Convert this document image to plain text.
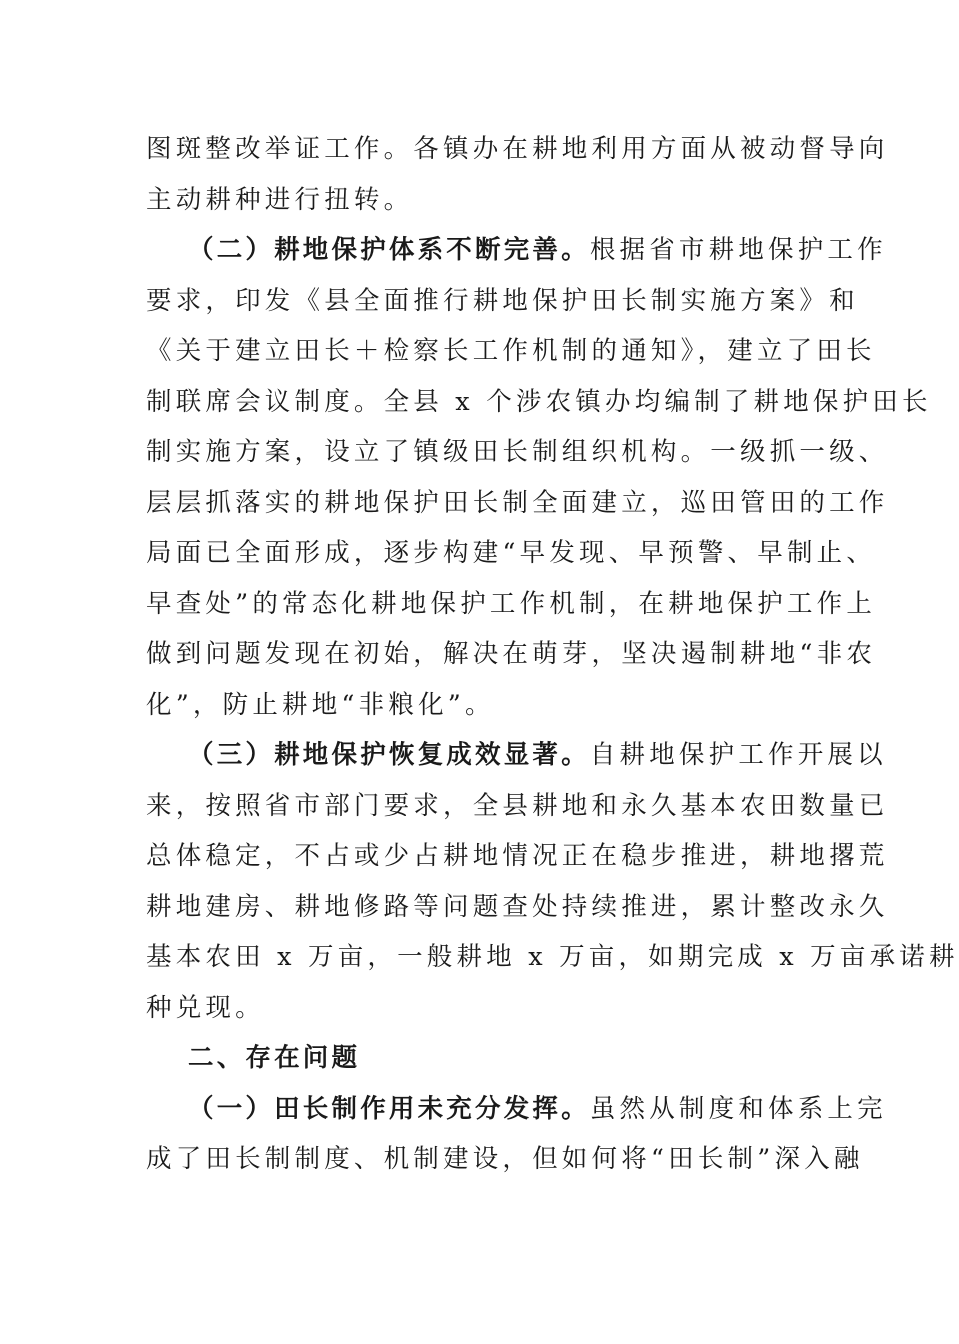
图斑整改举证工作。各镇办在耕地利用方面从被动督导向
主动耕种进行扭转。
（二）耕地保护体系不断完善。根据省市耕地保护工作
要求，印发《县全面推行耕地保护田长制实施方案》和
《关于建立田长＋检察长工作机制的通知》，建立了田长
制联席会议制度。全县 x 个涉农镇办均编制了耕地保护田长
制实施方案，设立了镇级田长制组织机构。一级抓一级、
层层抓落实的耕地保护田长制全面建立，巡田管田的工作
局面已全面形成，逐步构建“早发现、早预警、早制止、
早查处”的常态化耕地保护工作机制，在耕地保护工作上
做到问题发现在初始，解决在萌芽，坚决遏制耕地“非农
化”，防止耕地“非粮化”。
（三）耕地保护恢复成效显著。自耕地保护工作开展以
来，按照省市部门要求，全县耕地和永久基本农田数量已
总体稳定，不占或少占耕地情况正在稳步推进，耕地撂荒
耕地建房、耕地修路等问题查处持续推进，累计整改永久
基本农田 x 万亩，一般耕地 x 万亩，如期完成 x 万亩承诺耕
种兑现。
二、存在问题
（一）田长制作用未充分发挥。虽然从制度和体系上完
成了田长制制度、机制建设，但如何将“田长制”深入融
